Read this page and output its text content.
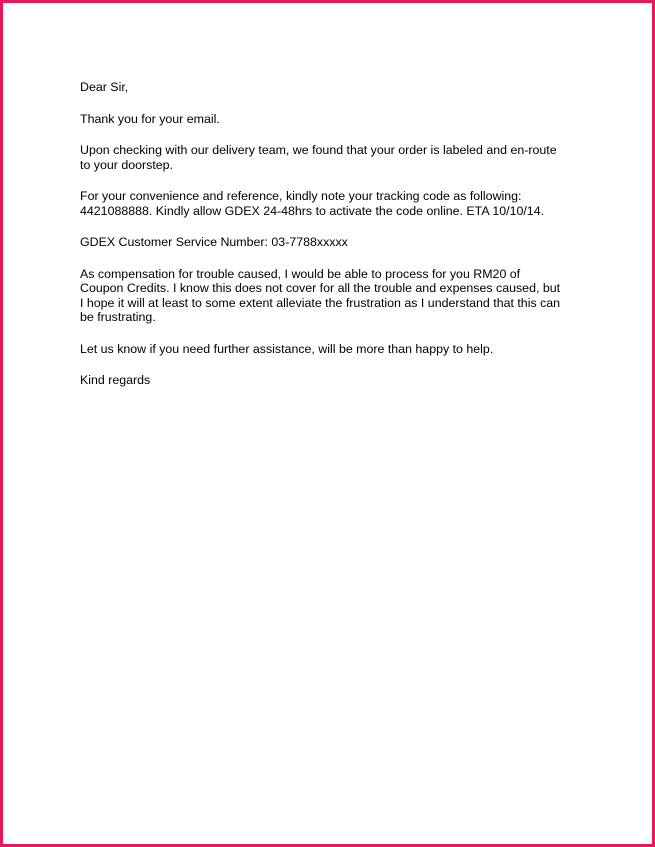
Dear Sir,

Thank you for your email.

Upon checking with our delivery team, we found that your order is labeled and en-route
to your doorstep.

For your convenience and reference, kindly note your tracking code as following:
4421088888. Kindly allow GDEX 24-48hrs to activate the code online. ETA 10/10/14.

GDEX Customer Service Number: 03-7788xxxxx

As compensation for trouble caused, I would be able to process for you RM20 of
Coupon Credits. I know this does not cover for all the trouble and expenses caused, but
I hope it will at least to some extent alleviate the frustration as I understand that this can
be frustrating.

Let us know if you need further assistance, will be more than happy to help.

Kind regards
